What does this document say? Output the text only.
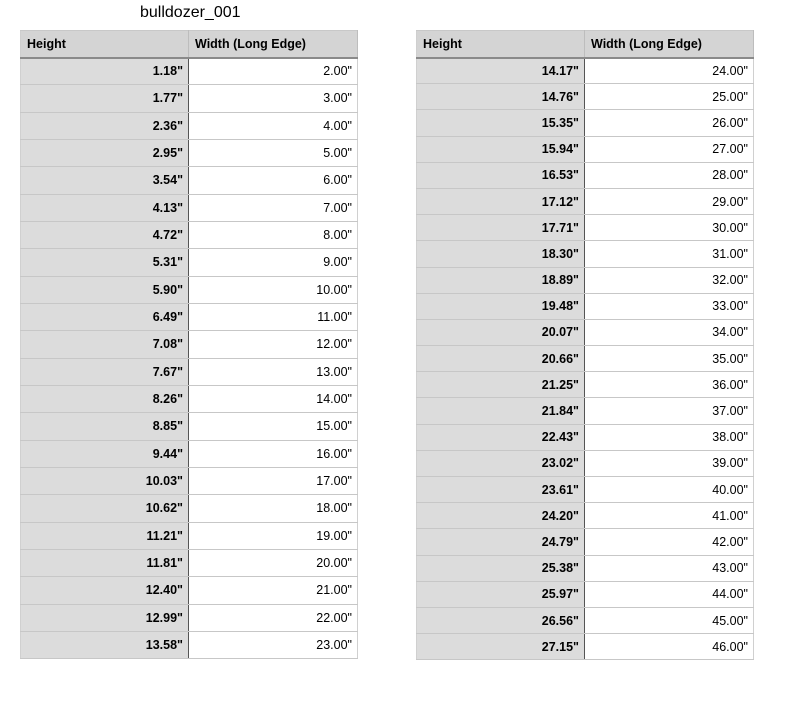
bulldozer_001
Height	Width (Long Edge)
1.18"	2.00"
1.77"	3.00"
2.36"	4.00"
2.95"	5.00"
3.54"	6.00"
4.13"	7.00"
4.72"	8.00"
5.31"	9.00"
5.90"	10.00"
6.49"	11.00"
7.08"	12.00"
7.67"	13.00"
8.26"	14.00"
8.85"	15.00"
9.44"	16.00"
10.03"	17.00"
10.62"	18.00"
11.21"	19.00"
11.81"	20.00"
12.40"	21.00"
12.99"	22.00"
13.58"	23.00"
Height	Width (Long Edge)
14.17"	24.00"
14.76"	25.00"
15.35"	26.00"
15.94"	27.00"
16.53"	28.00"
17.12"	29.00"
17.71"	30.00"
18.30"	31.00"
18.89"	32.00"
19.48"	33.00"
20.07"	34.00"
20.66"	35.00"
21.25"	36.00"
21.84"	37.00"
22.43"	38.00"
23.02"	39.00"
23.61"	40.00"
24.20"	41.00"
24.79"	42.00"
25.38"	43.00"
25.97"	44.00"
26.56"	45.00"
27.15"	46.00"
